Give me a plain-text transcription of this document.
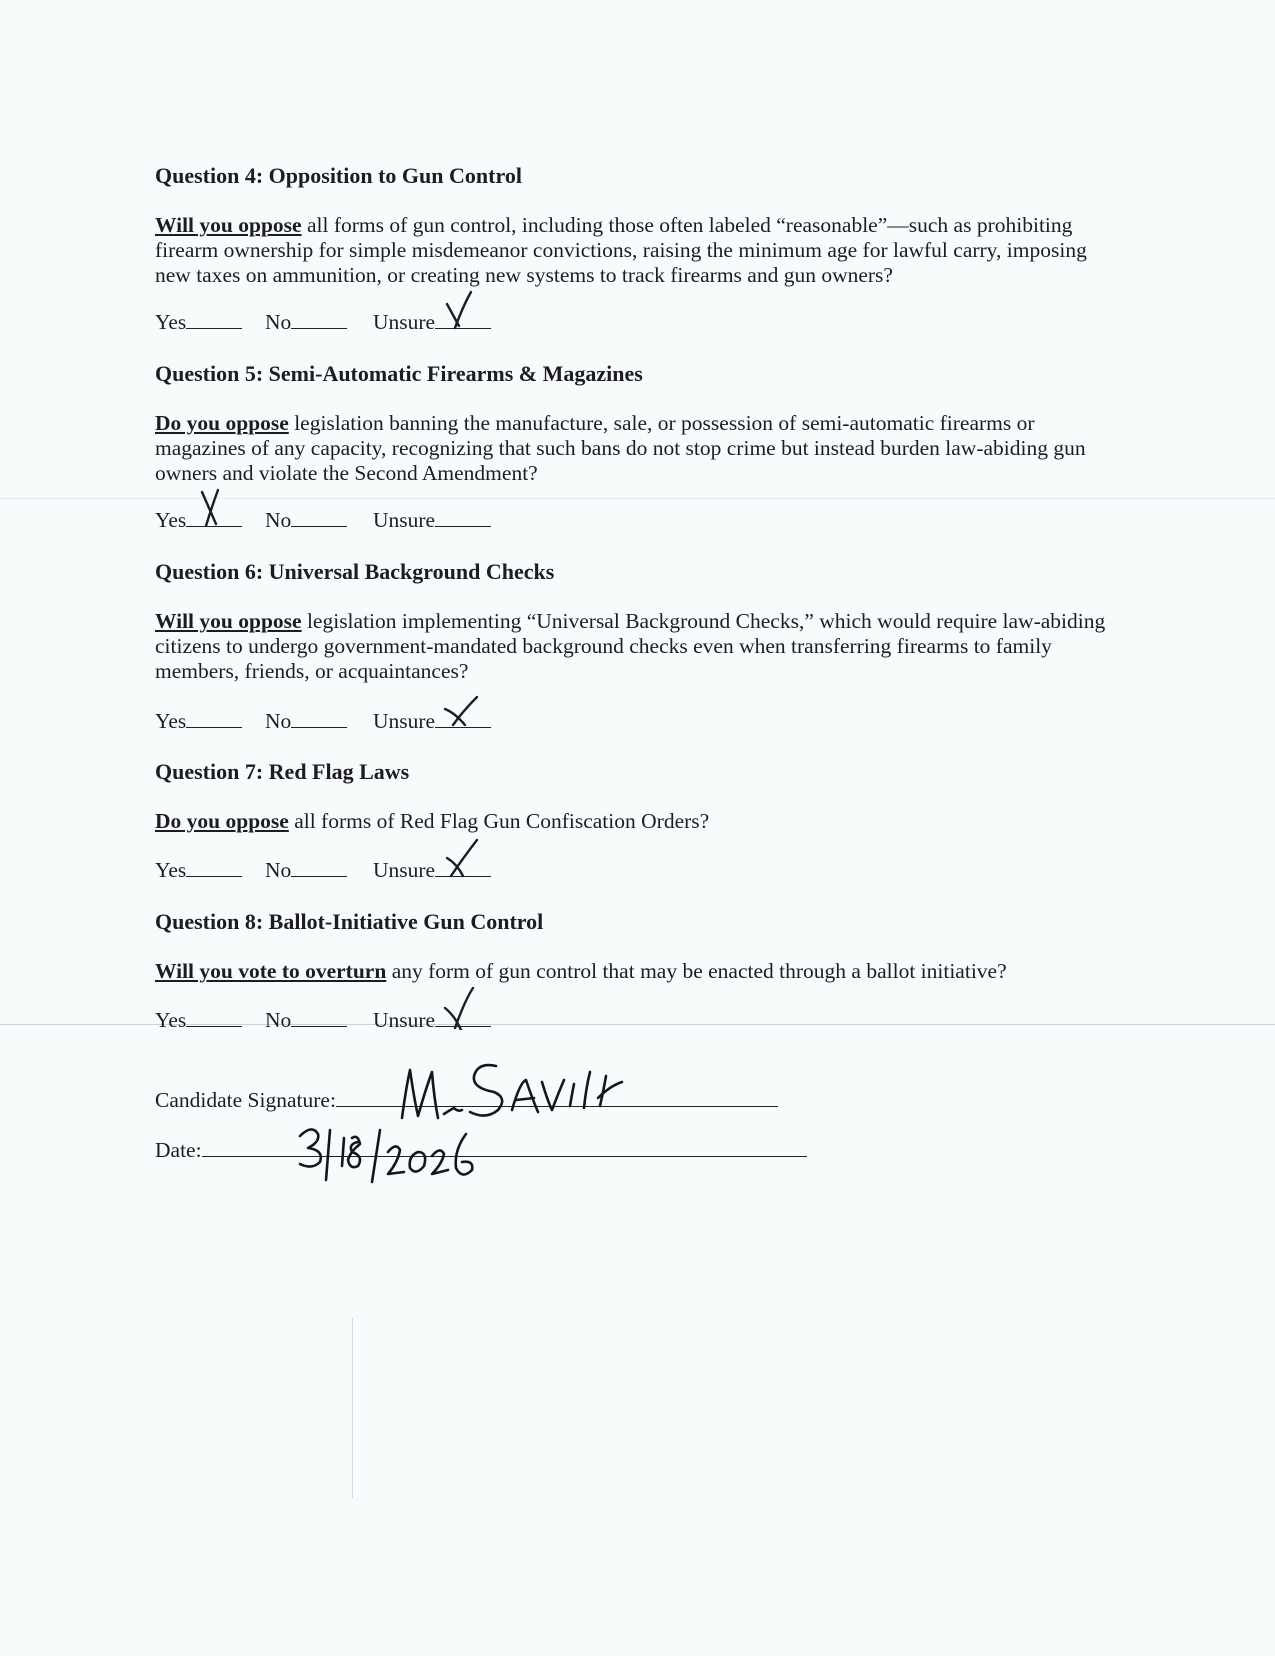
Question 4: Opposition to Gun Control

Will you oppose all forms of gun control, including those often labeled “reasonable”—such as prohibiting firearm ownership for simple misdemeanor convictions, raising the minimum age for lawful carry, imposing new taxes on ammunition, or creating new systems to track firearms and gun owners?

Yes	No	Unsure

Question 5: Semi-Automatic Firearms & Magazines

Do you oppose legislation banning the manufacture, sale, or possession of semi-automatic firearms or magazines of any capacity, recognizing that such bans do not stop crime but instead burden law-abiding gun owners and violate the Second Amendment?

Yes	No	Unsure

Question 6: Universal Background Checks

Will you oppose legislation implementing “Universal Background Checks,” which would require law-abiding citizens to undergo government-mandated background checks even when transferring firearms to family members, friends, or acquaintances?

Yes	No	Unsure

Question 7: Red Flag Laws

Do you oppose all forms of Red Flag Gun Confiscation Orders?

Yes	No	Unsure

Question 8: Ballot-Initiative Gun Control

Will you vote to overturn any form of gun control that may be enacted through a ballot initiative?

Yes	No	Unsure
Candidate Signature:
Date:
